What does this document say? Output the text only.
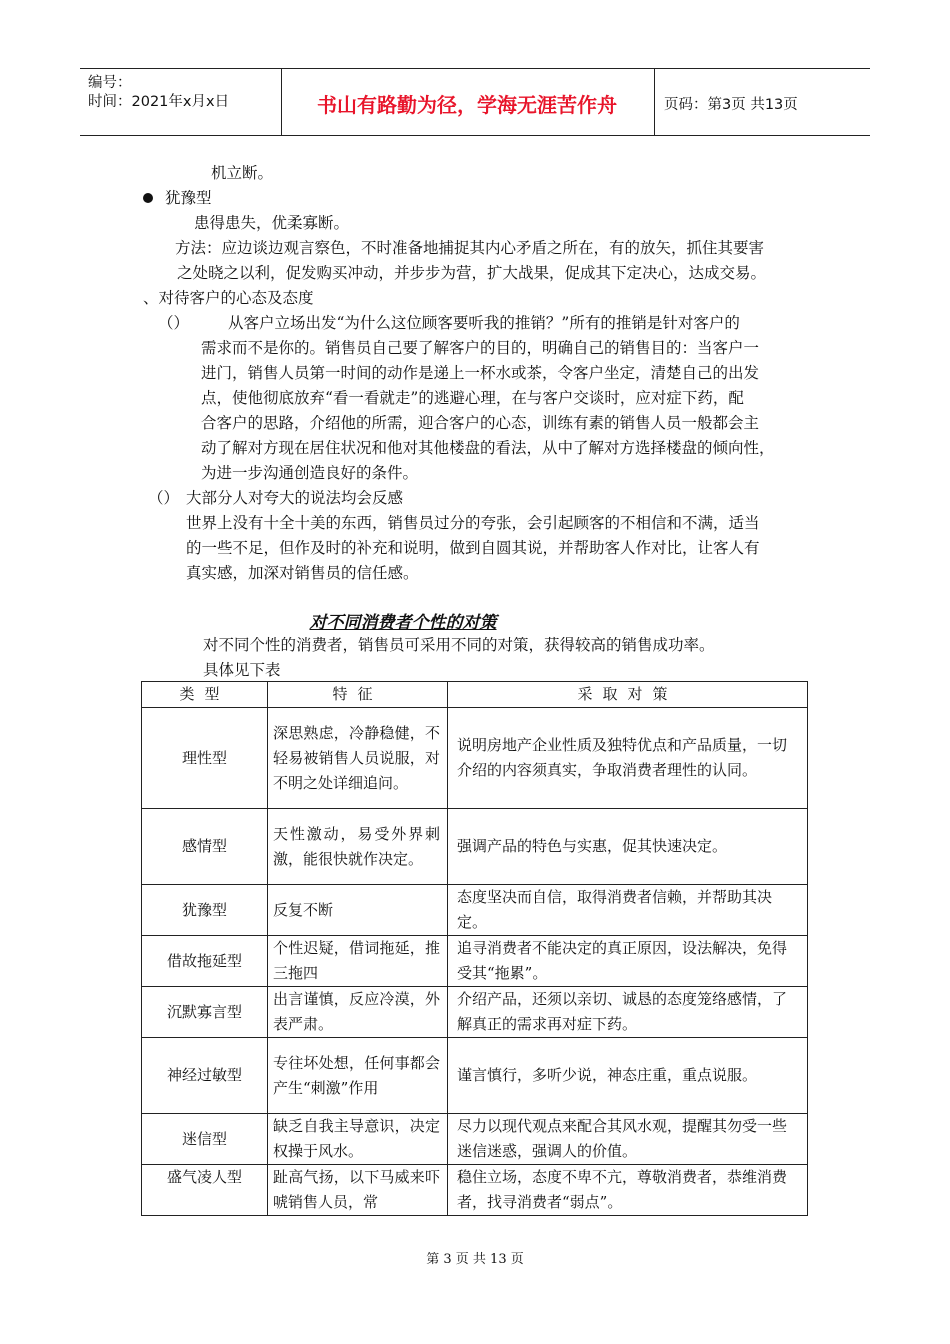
编号：
时间：2021年x月x日	书山有路勤为径，学海无涯苦作舟	页码：第3页 共13页
机立断。
犹豫型
患得患失，优柔寡断。
方法：应边谈边观言察色，不时准备地捕捉其内心矛盾之所在，有的放矢，抓住其要害
之处晓之以利，促发购买冲动，并步步为营，扩大战果，促成其下定决心，达成交易。
、对待客户的心态及态度
（）	从客户立场出发“为什么这位顾客要听我的推销？”所有的推销是针对客户的
需求而不是你的。销售员自己要了解客户的目的，明确自己的销售目的：当客户一
进门，销售人员第一时间的动作是递上一杯水或茶，令客户坐定，清楚自己的出发
点，使他彻底放弃“看一看就走”的逃避心理，在与客户交谈时，应对症下药，配
合客户的思路，介绍他的所需，迎合客户的心态，训练有素的销售人员一般都会主
动了解对方现在居住状况和他对其他楼盘的看法，从中了解对方选择楼盘的倾向性，
为进一步沟通创造良好的条件。
（） 大部分人对夸大的说法均会反感
世界上没有十全十美的东西，销售员过分的夸张，会引起顾客的不相信和不满，适当
的一些不足，但作及时的补充和说明，做到自圆其说，并帮助客人作对比，让客人有
真实感，加深对销售员的信任感。
对不同消费者个性的对策
对不同个性的消费者，销售员可采用不同的对策，获得较高的销售成功率。
具体见下表
类型	特征	采取对策
理性型	深思熟虑，冷静稳健，不轻易被销售人员说服，对不明之处详细追问。	说明房地产企业性质及独特优点和产品质量，一切介绍的内容须真实，争取消费者理性的认同。
感情型	天性激动，易受外界刺激，能很快就作决定。	强调产品的特色与实惠，促其快速决定。
犹豫型	反复不断	态度坚决而自信，取得消费者信赖，并帮助其决定。
借故拖延型	个性迟疑，借词拖延，推三拖四	追寻消费者不能决定的真正原因，设法解决，免得受其“拖累”。
沉默寡言型	出言谨慎，反应冷漠，外表严肃。	介绍产品，还须以亲切、诚恳的态度笼络感情，了解真正的需求再对症下药。
神经过敏型	专往坏处想，任何事都会产生“刺激”作用	谨言慎行，多听少说，神态庄重，重点说服。
迷信型	缺乏自我主导意识，决定权操于风水。	尽力以现代观点来配合其风水观，提醒其勿受一些迷信迷惑，强调人的价值。
盛气凌人型	趾高气扬，以下马威来吓唬销售人员，常	稳住立场，态度不卑不亢，尊敬消费者，恭维消费者，找寻消费者“弱点”。
第 3 页 共 13 页
